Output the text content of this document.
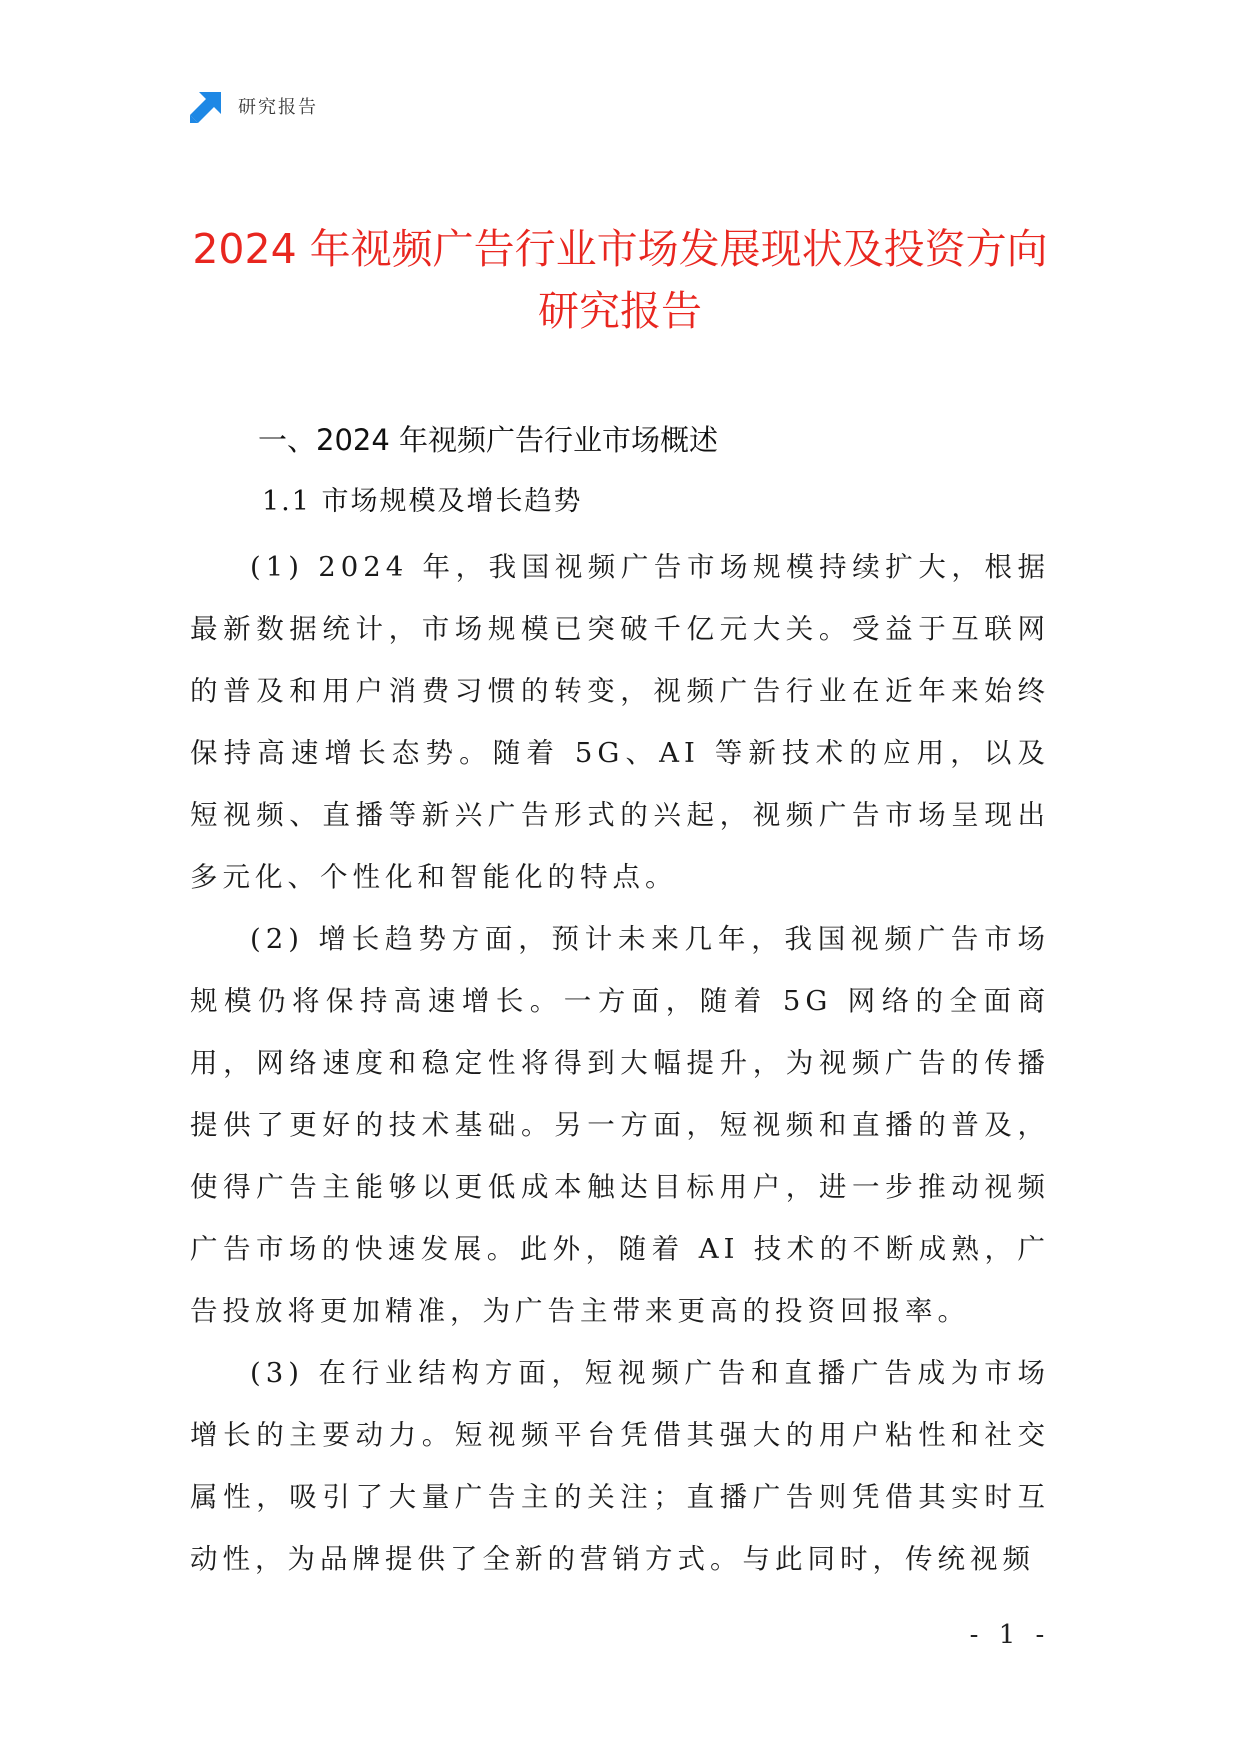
研究报告
2024 年视频广告行业市场发展现状及投资方向研究报告
一、2024 年视频广告行业市场概述
1.1 市场规模及增长趋势

(1) 2024 年，我国视频广告市场规模持续扩大，根据最新数据统计，市场规模已突破千亿元大关。受益于互联网的普及和用户消费习惯的转变，视频广告行业在近年来始终保持高速增长态势。随着 5G、AI 等新技术的应用，以及短视频、直播等新兴广告形式的兴起，视频广告市场呈现出多元化、个性化和智能化的特点。

(2) 增长趋势方面，预计未来几年，我国视频广告市场规模仍将保持高速增长。一方面，随着 5G 网络的全面商用，网络速度和稳定性将得到大幅提升，为视频广告的传播提供了更好的技术基础。另一方面，短视频和直播的普及，使得广告主能够以更低成本触达目标用户，进一步推动视频广告市场的快速发展。此外，随着 AI 技术的不断成熟，广告投放将更加精准，为广告主带来更高的投资回报率。

(3) 在行业结构方面，短视频广告和直播广告成为市场增长的主要动力。短视频平台凭借其强大的用户粘性和社交属性，吸引了大量广告主的关注；直播广告则凭借其实时互动性，为品牌提供了全新的营销方式。与此同时，传统视频

- 1 -
